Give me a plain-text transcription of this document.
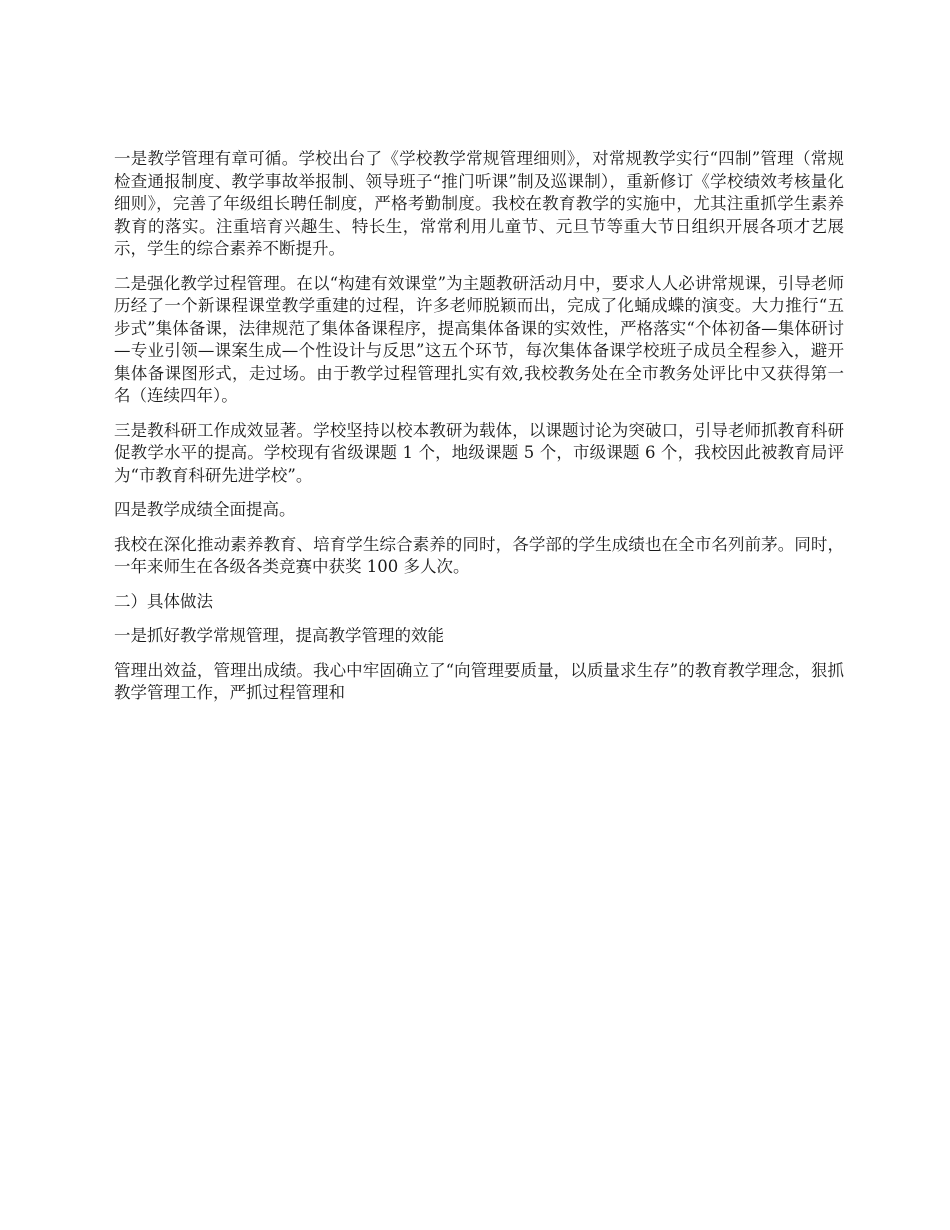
一是教学管理有章可循。学校出台了《学校教学常规管理细则》，对常规教学实行“四制”管理（常规检查通报制度、教学事故举报制、领导班子“推门听课”制及巡课制），重新修订《学校绩效考核量化细则》，完善了年级组长聘任制度，严格考勤制度。我校在教育教学的实施中，尤其注重抓学生素养教育的落实。注重培育兴趣生、特长生，常常利用儿童节、元旦节等重大节日组织开展各项才艺展示，学生的综合素养不断提升。

二是强化教学过程管理。在以“构建有效课堂”为主题教研活动月中，要求人人必讲常规课，引导老师历经了一个新课程课堂教学重建的过程，许多老师脱颖而出，完成了化蛹成蝶的演变。大力推行“五步式”集体备课，法律规范了集体备课程序，提高集体备课的实效性，严格落实“个体初备—集体研讨—专业引领—课案生成—个性设计与反思”这五个环节，每次集体备课学校班子成员全程参入，避开集体备课图形式，走过场。由于教学过程管理扎实有效,我校教务处在全市教务处评比中又获得第一名（连续四年）。

三是教科研工作成效显著。学校坚持以校本教研为载体，以课题讨论为突破口，引导老师抓教育科研促教学水平的提高。学校现有省级课题 1 个，地级课题 5 个，市级课题 6 个，我校因此被教育局评为“市教育科研先进学校”。

四是教学成绩全面提高。

我校在深化推动素养教育、培育学生综合素养的同时，各学部的学生成绩也在全市名列前茅。同时，一年来师生在各级各类竞赛中获奖 100 多人次。

二）具体做法

一是抓好教学常规管理，提高教学管理的效能

管理出效益，管理出成绩。我心中牢固确立了“向管理要质量，以质量求生存”的教育教学理念，狠抓教学管理工作，严抓过程管理和
